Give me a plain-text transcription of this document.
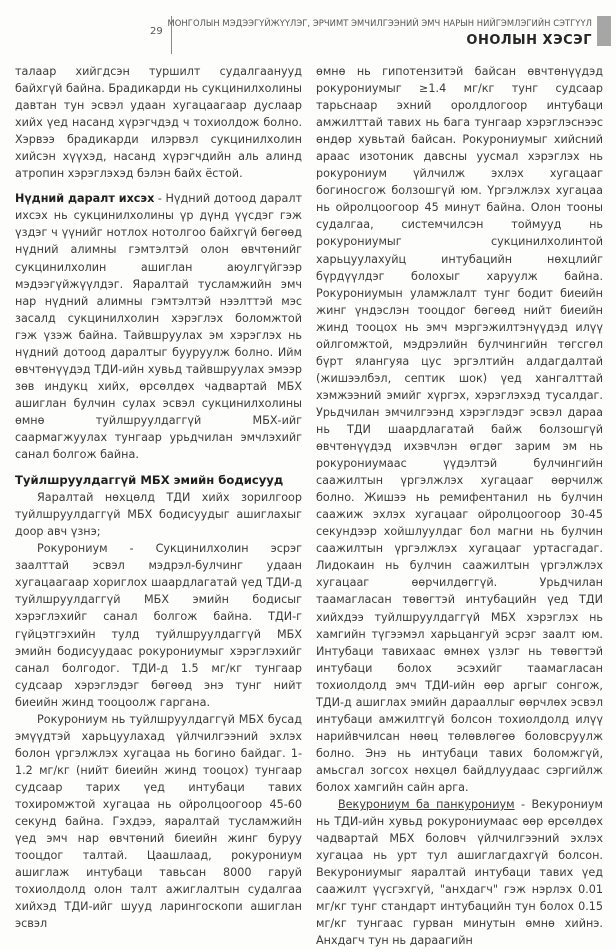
29
МОНГОЛЫН МЭДЭЭГҮЙЖҮҮЛЭГ, ЭРЧИМТ ЭМЧИЛГЭЭНИЙ ЭМЧ НАРЫН НИЙГЭМЛЭГИЙН СЭТГҮҮЛ
ОНОЛЫН ХЭСЭГ

талаар хийгдсэн туршилт судалгаанууд байхгүй байна. Брадикарди нь сукцинилхолины давтан тун эсвэл удаан хугацаагаар дуслаар хийх үед насанд хүрэгчдэд ч тохиолдож болно. Хэрвээ брадикарди илэрвэл сукцинилхолин хийсэн хүүхэд, насанд хүрэгчдийн аль алинд атропин хэрэглэхэд бэлэн байх ёстой.

Нүдний даралт ихсэх - Нүдний дотоод даралт ихсэх нь сукцинилхолины үр дүнд үүсдэг гэж үздэг ч үүнийг нотлох нотолгоо байхгүй бөгөөд нүдний алимны гэмтэлтэй олон өвчтөнийг сукцинилхолин ашиглан аюулгүйгээр мэдээгүйжүүлдэг. Яаралтай тусламжийн эмч нар нүдний алимны гэмтэлтэй нээлттэй мэс засалд сукцинилхолин хэрэглэх боломжтой гэж үзэж байна. Тайвшруулах эм хэрэглэх нь нүдний дотоод даралтыг бууруулж болно. Ийм өвчтөнүүдэд ТДИ-ийн хувьд тайвшруулах эмээр зөв индукц хийх, өрсөлдөх чадвартай МБХ ашиглан булчин сулах эсвэл сукцинилхолины өмнө туйлшруулдаггүй МБХ-ийг саармагжуулах тунгаар урьдчилан эмчлэхийг санал болгож байна.

Туйлшруулдаггүй МБХ эмийн бодисууд

Яаралтай нөхцөлд ТДИ хийх зорилгоор туйлшруулдаггүй МБХ бодисуудыг ашиглахыг доор авч үзнэ;

Рокурониум - Сукцинилхолин эсрэг заалттай эсвэл мэдрэл-булчинг удаан хугацаагаар хориглох шаардлагатай үед ТДИ-д туйлшруулдаггүй МБХ эмийн бодисыг хэрэглэхийг санал болгож байна. ТДИ-г гүйцэтгэхийн тулд туйлшруулдаггүй МБХ эмийн бодисуудаас рокурониумыг хэрэглэхийг санал болгодог. ТДИ-д 1.5 мг/кг тунгаар судсаар хэрэглэдэг бөгөөд энэ тунг нийт биеийн жинд тооцоолж гаргана.

Рокурониум нь туйлшруулдаггүй МБХ бусад эмүүдтэй харьцуулахад үйлчилгээний эхлэх болон үргэлжлэх хугацаа нь богино байдаг. 1-1.2 мг/кг (нийт биеийн жинд тооцох) тунгаар судсаар тарих үед интубаци тавих тохиромжтой хугацаа нь ойролцоогоор 45-60 секунд байна. Гэхдээ, яаралтай тусламжийн үед эмч нар өвчтөний биеийн жинг буруу тооцдог талтай. Цаашлаад, рокурониум ашиглаж интубаци тавьсан 8000 гаруй тохиолдолд олон талт ажиглалтын судалгаа хийхэд ТДИ-ийг шууд ларингоскопи ашиглан эсвэл

өмнө нь гипотензитэй байсан өвчтөнүүдэд рокурониумыг ≥1.4 мг/кг тунг судсаар тарьснаар эхний оролдлогоор интубаци амжилттай тавих нь бага тунгаар хэрэглэснээс өндөр хувьтай байсан. Рокурониумыг хийсний араас изотоник давсны уусмал хэрэглэх нь рокурониум үйлчилж эхлэх хугацааг богиносгож болзошгүй юм. Үргэлжлэх хугацаа нь ойролцоогоор 45 минут байна. Олон тооны судалгаа, системчилсэн тоймууд нь рокурониумыг сукцинилхолинтой харьцуулахуйц интубацийн нөхцлийг бүрдүүлдэг болохыг харуулж байна. Рокурониумын уламжлалт тунг бодит биеийн жинг үндэслэн тооцдог бөгөөд нийт биеийн жинд тооцох нь эмч мэргэжилтэнүүдэд илүү ойлгомжтой, мэдрэлийн булчингийн төгсгөл бүрт ялангуяа цус эргэлтийн алдагдалтай (жишээлбэл, септик шок) үед хангалттай хэмжээний эмийг хүргэх, хэрэглэхэд тусалдаг. Урьдчилан эмчилгээнд хэрэглэдэг эсвэл дараа нь ТДИ шаардлагатай байж болзошгүй өвчтөнүүдэд ихэвчлэн өгдөг зарим эм нь рокурониумаас үүдэлтэй булчингийн саажилтын үргэлжлэх хугацааг өөрчилж болно. Жишээ нь ремифентанил нь булчин саажиж эхлэх хугацааг ойролцоогоор 30-45 секундээр хойшлуулдаг бол магни нь булчин саажилтын үргэлжлэх хугацааг уртасгадаг. Лидокаин нь булчин саажилтын үргэлжлэх хугацааг өөрчилдөггүй. Урьдчилан таамагласан төвөгтэй интубацийн үед ТДИ хийхдээ туйлшруулдаггүй МБХ хэрэглэх нь хамгийн түгээмэл харьцангуй эсрэг заалт юм. Интубаци тавихаас өмнөх үзлэг нь төвөгтэй интубаци болох эсэхийг таамагласан тохиолдолд эмч ТДИ-ийн өөр аргыг сонгож, ТДИ-д ашиглах эмийн дарааллыг өөрчлөх эсвэл интубаци амжилтгүй болсон тохиолдолд илүү нарийвчилсан нөөц төлөвлөгөө боловсруулж болно. Энэ нь интубаци тавих боломжгүй, амьсгал зогсох нөхцөл байдлуудаас сэргийлж болох хамгийн сайн арга.

Векурониум ба панкурониум - Векурониум нь ТДИ-ийн хувьд рокурониумаас өөр өрсөлдөх чадвартай МБХ боловч үйлчилгээний эхлэх хугацаа нь урт тул ашиглагдахгүй болсон. Векурониумыг яаралтай интубаци тавих үед саажилт үүсгэхгүй, "анхдагч" гэж нэрлэх 0.01 мг/кг тунг стандарт интубацийн тун болох 0.15 мг/кг тунгаас гурван минутын өмнө хийнэ. Анхдагч тун нь дараагийн
